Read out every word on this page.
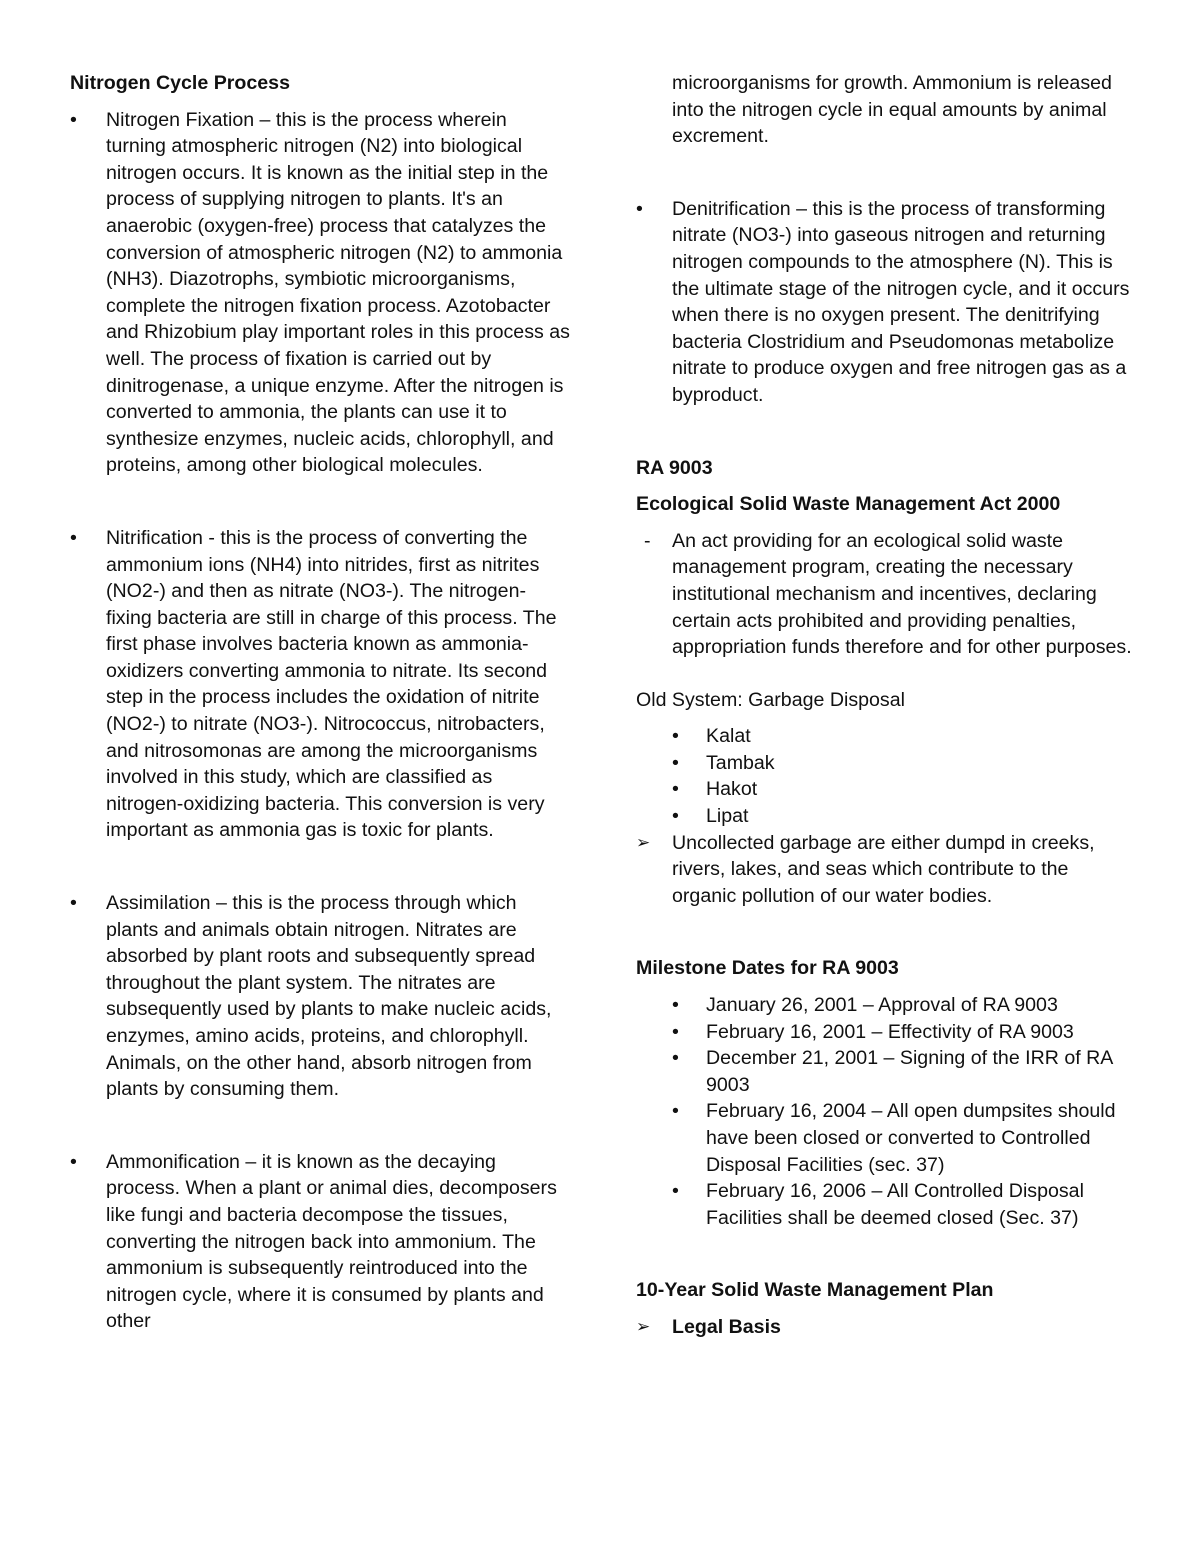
Nitrogen Cycle Process
•	Nitrogen Fixation – this is the process wherein turning atmospheric nitrogen (N2) into biological nitrogen occurs. It is known as the initial step in the process of supplying nitrogen to plants. It's an anaerobic (oxygen-free) process that catalyzes the conversion of atmospheric nitrogen (N2) to ammonia (NH3). Diazotrophs, symbiotic microorganisms, complete the nitrogen fixation process. Azotobacter and Rhizobium play important roles in this process as well. The process of fixation is carried out by dinitrogenase, a unique enzyme. After the nitrogen is converted to ammonia, the plants can use it to synthesize enzymes, nucleic acids, chlorophyll, and proteins, among other biological molecules.
•	Nitrification - this is the process of converting the ammonium ions (NH4) into nitrides, first as nitrites (NO2-) and then as nitrate (NO3-). The nitrogen-fixing bacteria are still in charge of this process. The first phase involves bacteria known as ammonia-oxidizers converting ammonia to nitrate. Its second step in the process includes the oxidation of nitrite (NO2-) to nitrate (NO3-). Nitrococcus, nitrobacters, and nitrosomonas are among the microorganisms involved in this study, which are classified as nitrogen-oxidizing bacteria. This conversion is very important as ammonia gas is toxic for plants.
•	Assimilation – this is the process through which plants and animals obtain nitrogen. Nitrates are absorbed by plant roots and subsequently spread throughout the plant system. The nitrates are subsequently used by plants to make nucleic acids, enzymes, amino acids, proteins, and chlorophyll. Animals, on the other hand, absorb nitrogen from plants by consuming them.
•	Ammonification – it is known as the decaying process. When a plant or animal dies, decomposers like fungi and bacteria decompose the tissues, converting the nitrogen back into ammonium. The ammonium is subsequently reintroduced into the nitrogen cycle, where it is consumed by plants and other
microorganisms for growth. Ammonium is released into the nitrogen cycle in equal amounts by animal excrement.
•	Denitrification – this is the process of transforming nitrate (NO3-) into gaseous nitrogen and returning nitrogen compounds to the atmosphere (N). This is the ultimate stage of the nitrogen cycle, and it occurs when there is no oxygen present. The denitrifying bacteria Clostridium and Pseudomonas metabolize nitrate to produce oxygen and free nitrogen gas as a byproduct.
RA 9003
Ecological Solid Waste Management Act 2000
- An act providing for an ecological solid waste management program, creating the necessary institutional mechanism and incentives, declaring certain acts prohibited and providing penalties, appropriation funds therefore and for other purposes.
Old System: Garbage Disposal
•	Kalat
•	Tambak
•	Hakot
•	Lipat
➢ Uncollected garbage are either dumpd in creeks, rivers, lakes, and seas which contribute to the organic pollution of our water bodies.
Milestone Dates for RA 9003
•	January 26, 2001 – Approval of RA 9003
•	February 16, 2001 – Effectivity of RA 9003
•	December 21, 2001 – Signing of the IRR of RA 9003
•	February 16, 2004 – All open dumpsites should have been closed or converted to Controlled Disposal Facilities (sec. 37)
•	February 16, 2006 – All Controlled Disposal Facilities shall be deemed closed (Sec. 37)
10-Year Solid Waste Management Plan
➢ Legal Basis
